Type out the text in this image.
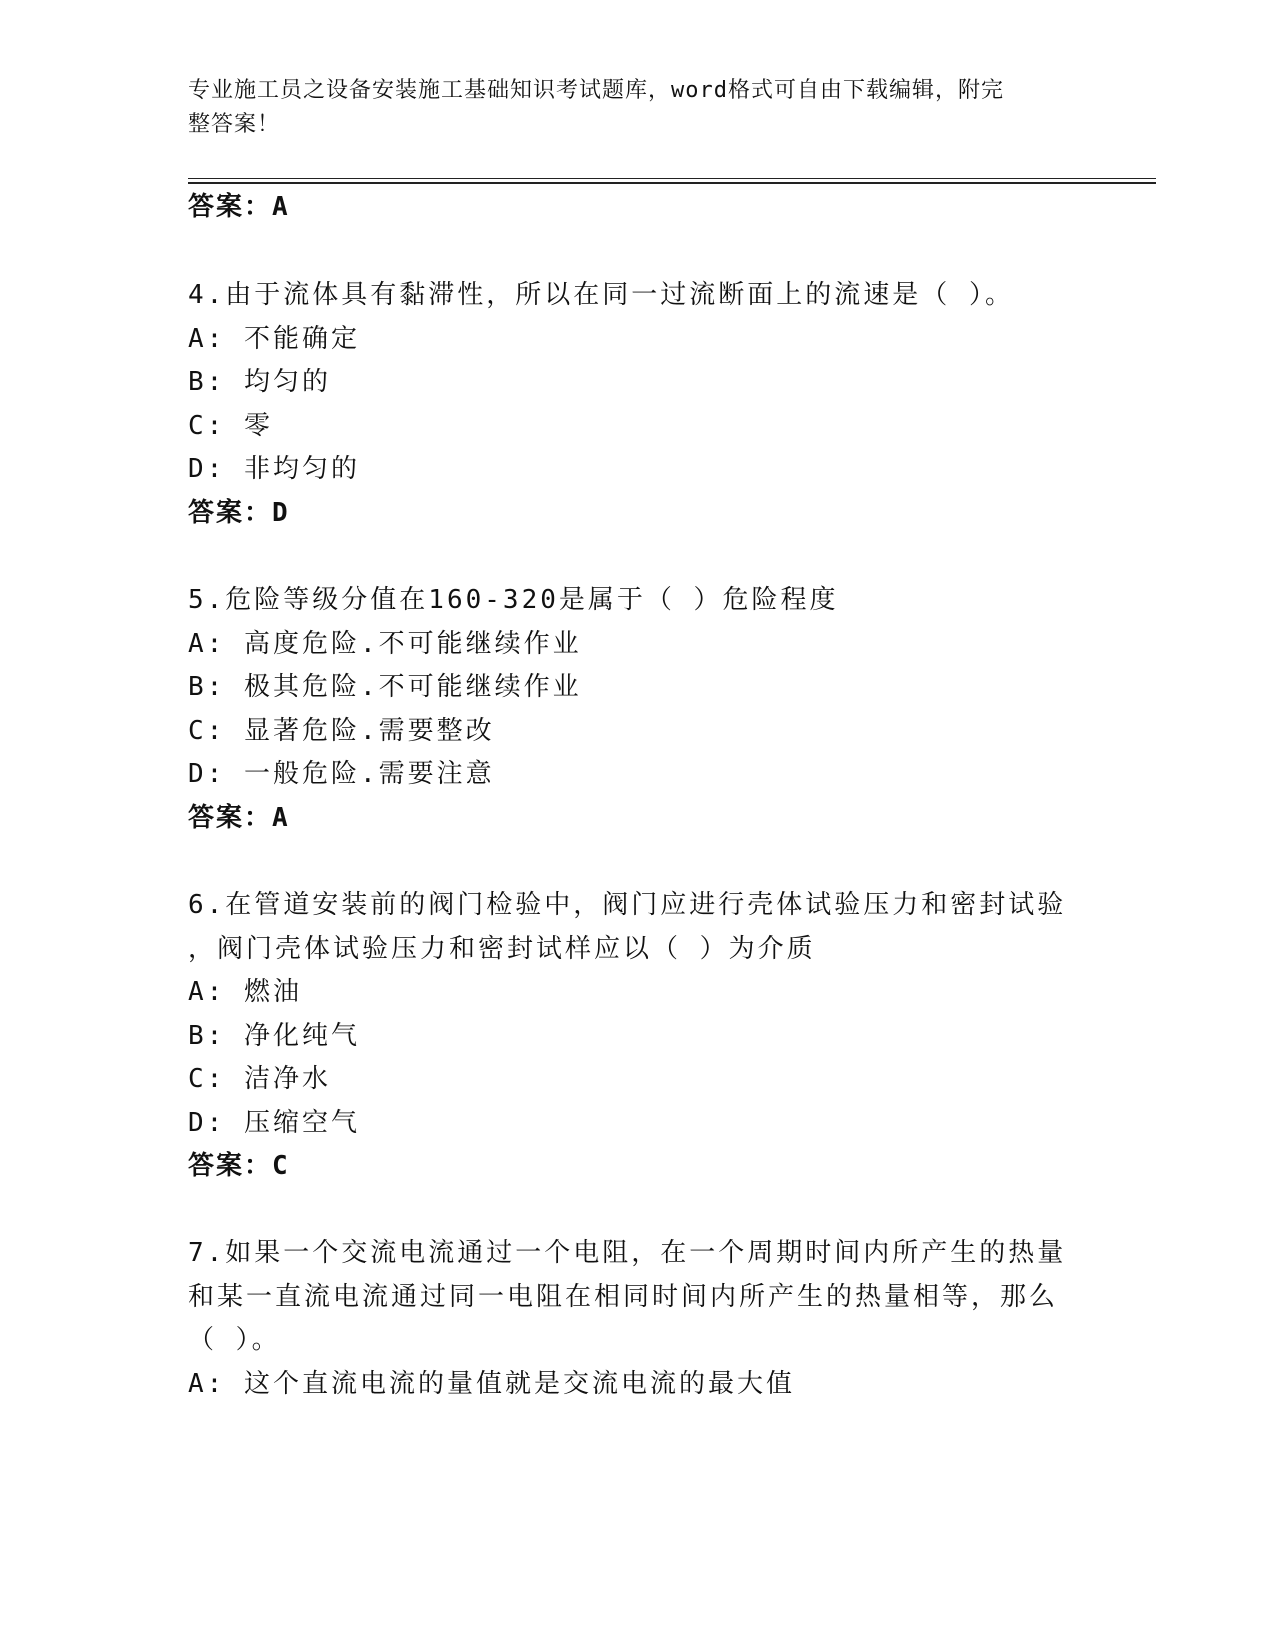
专业施工员之设备安装施工基础知识考试题库，word格式可自由下载编辑，附完
整答案！
答案：A
4.由于流体具有黏滞性，所以在同一过流断面上的流速是（ ）。
A: 不能确定
B: 均匀的
C: 零
D: 非均匀的
答案：D
5.危险等级分值在160-320是属于（ ）危险程度
A: 高度危险.不可能继续作业
B: 极其危险.不可能继续作业
C: 显著危险.需要整改
D: 一般危险.需要注意
答案：A
6.在管道安装前的阀门检验中，阀门应进行壳体试验压力和密封试验
，阀门壳体试验压力和密封试样应以（ ）为介质
A: 燃油
B: 净化纯气
C: 洁净水
D: 压缩空气
答案：C
7.如果一个交流电流通过一个电阻，在一个周期时间内所产生的热量
和某一直流电流通过同一电阻在相同时间内所产生的热量相等，那么
（ ）。
A: 这个直流电流的量值就是交流电流的最大值
